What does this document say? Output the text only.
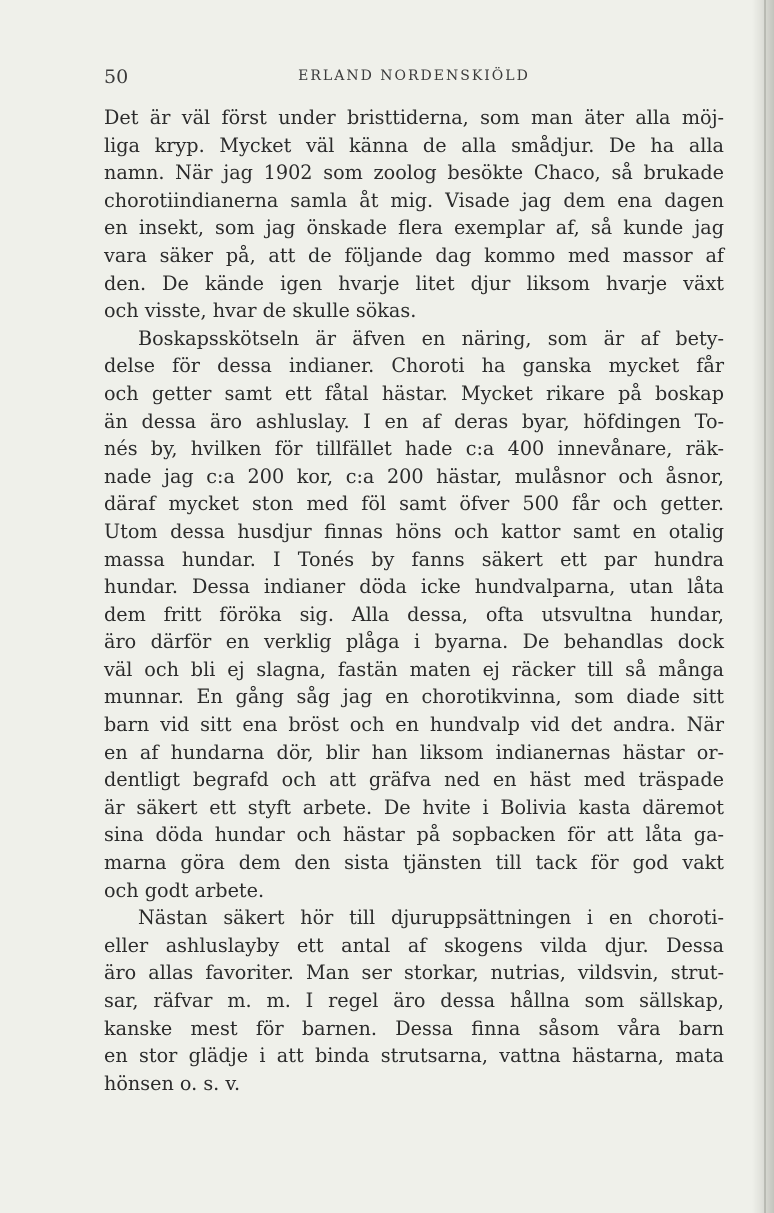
50	ERLAND NORDENSKIÖLD
Det är väl först under bristtiderna, som man äter alla möj-
liga kryp. Mycket väl känna de alla smådjur. De ha alla
namn. När jag 1902 som zoolog besökte Chaco, så brukade
chorotiindianerna samla åt mig. Visade jag dem ena dagen
en insekt, som jag önskade flera exemplar af, så kunde jag
vara säker på, att de följande dag kommo med massor af
den. De kände igen hvarje litet djur liksom hvarje växt
och visste, hvar de skulle sökas.
Boskapsskötseln är äfven en näring, som är af bety-
delse för dessa indianer. Choroti ha ganska mycket får
och getter samt ett fåtal hästar. Mycket rikare på boskap
än dessa äro ashluslay. I en af deras byar, höfdingen To-
nés by, hvilken för tillfället hade c:a 400 innevånare, räk-
nade jag c:a 200 kor, c:a 200 hästar, mulåsnor och åsnor,
däraf mycket ston med föl samt öfver 500 får och getter.
Utom dessa husdjur finnas höns och kattor samt en otalig
massa hundar. I Tonés by fanns säkert ett par hundra
hundar. Dessa indianer döda icke hundvalparna, utan låta
dem fritt föröka sig. Alla dessa, ofta utsvultna hundar,
äro därför en verklig plåga i byarna. De behandlas dock
väl och bli ej slagna, fastän maten ej räcker till så många
munnar. En gång såg jag en chorotikvinna, som diade sitt
barn vid sitt ena bröst och en hundvalp vid det andra. När
en af hundarna dör, blir han liksom indianernas hästar or-
dentligt begrafd och att gräfva ned en häst med träspade
är säkert ett styft arbete. De hvite i Bolivia kasta däremot
sina döda hundar och hästar på sopbacken för att låta ga-
marna göra dem den sista tjänsten till tack för god vakt
och godt arbete.
Nästan säkert hör till djuruppsättningen i en choroti-
eller ashluslayby ett antal af skogens vilda djur. Dessa
äro allas favoriter. Man ser storkar, nutrias, vildsvin, strut-
sar, räfvar m. m. I regel äro dessa hållna som sällskap,
kanske mest för barnen. Dessa finna såsom våra barn
en stor glädje i att binda strutsarna, vattna hästarna, mata
hönsen o. s. v.
